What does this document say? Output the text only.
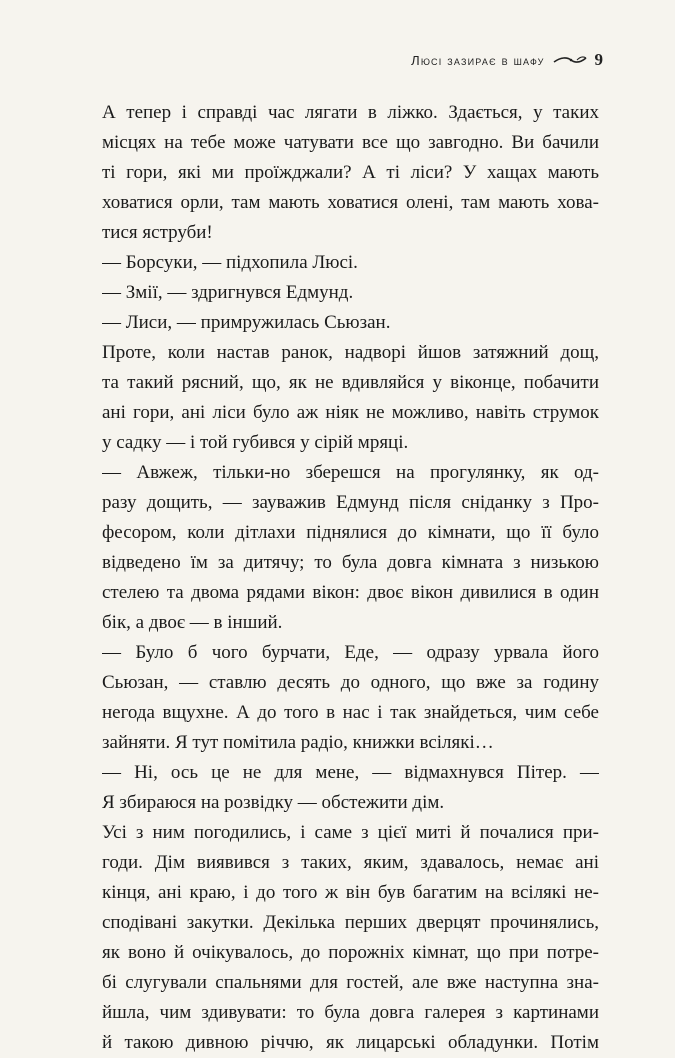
Люсі зазирає в шафу	9
А тепер і справді час лягати в ліжко. Здається, у таких
місцях на тебе може чатувати все що завгодно. Ви бачили
ті гори, які ми проїжджали? А ті ліси? У хащах мають
ховатися орли, там мають ховатися олені, там мають хова-
тися яструби!
— Борсуки, — підхопила Люсі.
— Змії, — здригнувся Едмунд.
— Лиси, — примружилась Сьюзан.
Проте, коли настав ранок, надворі йшов затяжний дощ,
та такий рясний, що, як не вдивляйся у віконце, побачити
ані гори, ані ліси було аж ніяк не можливо, навіть струмок
у садку — і той губився у сірій мряці.
— Авжеж, тільки-но зберешся на прогулянку, як од-
разу дощить, — зауважив Едмунд після сніданку з Про-
фесором, коли дітлахи піднялися до кімнати, що її було
відведено їм за дитячу; то була довга кімната з низькою
стелею та двома рядами вікон: двоє вікон дивилися в один
бік, а двоє — в інший.
— Було б чого бурчати, Еде, — одразу урвала його
Сьюзан, — ставлю десять до одного, що вже за годину
негода вщухне. А до того в нас і так знайдеться, чим себе
зайняти. Я тут помітила радіо, книжки всілякі…
— Ні, ось це не для мене, — відмахнувся Пітер. —
Я збираюся на розвідку — обстежити дім.
Усі з ним погодились, і саме з цієї миті й почалися при-
годи. Дім виявився з таких, яким, здавалось, немає ані
кінця, ані краю, і до того ж він був багатим на всілякі не-
сподівані закутки. Декілька перших дверцят прочинялись,
як воно й очікувалось, до порожніх кімнат, що при потре-
бі слугували спальнями для гостей, але вже наступна зна-
йшла, чим здивувати: то була довга галерея з картинами
й такою дивною річчю, як лицарські обладунки. Потім
